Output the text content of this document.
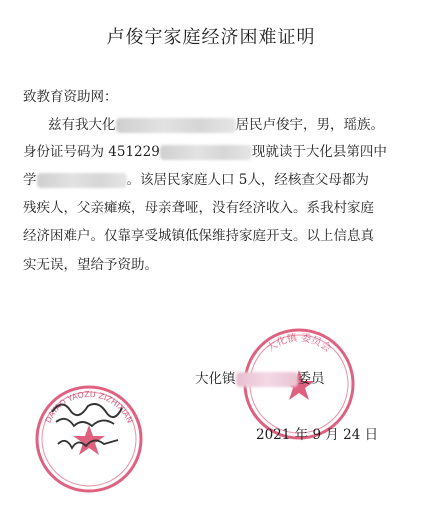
卢俊宇家庭经济困难证明
致教育资助网：
兹有我大化	居民卢俊宇，男，瑶族。
身份证号码为 451229	现就读于大化县第四中
学	。该居民家庭人口 5人，经核查父母都为
残疾人，父亲瘫痪，母亲聋哑，没有经济收入。系我村家庭
经济困难户。仅靠享受城镇低保维持家庭开支。以上信息真
实无误，望给予资助。
大化镇 委员会
大化镇	委员
2021 年 9 月 24 日
DAYAO YAOZU ZIZHIXIAN
